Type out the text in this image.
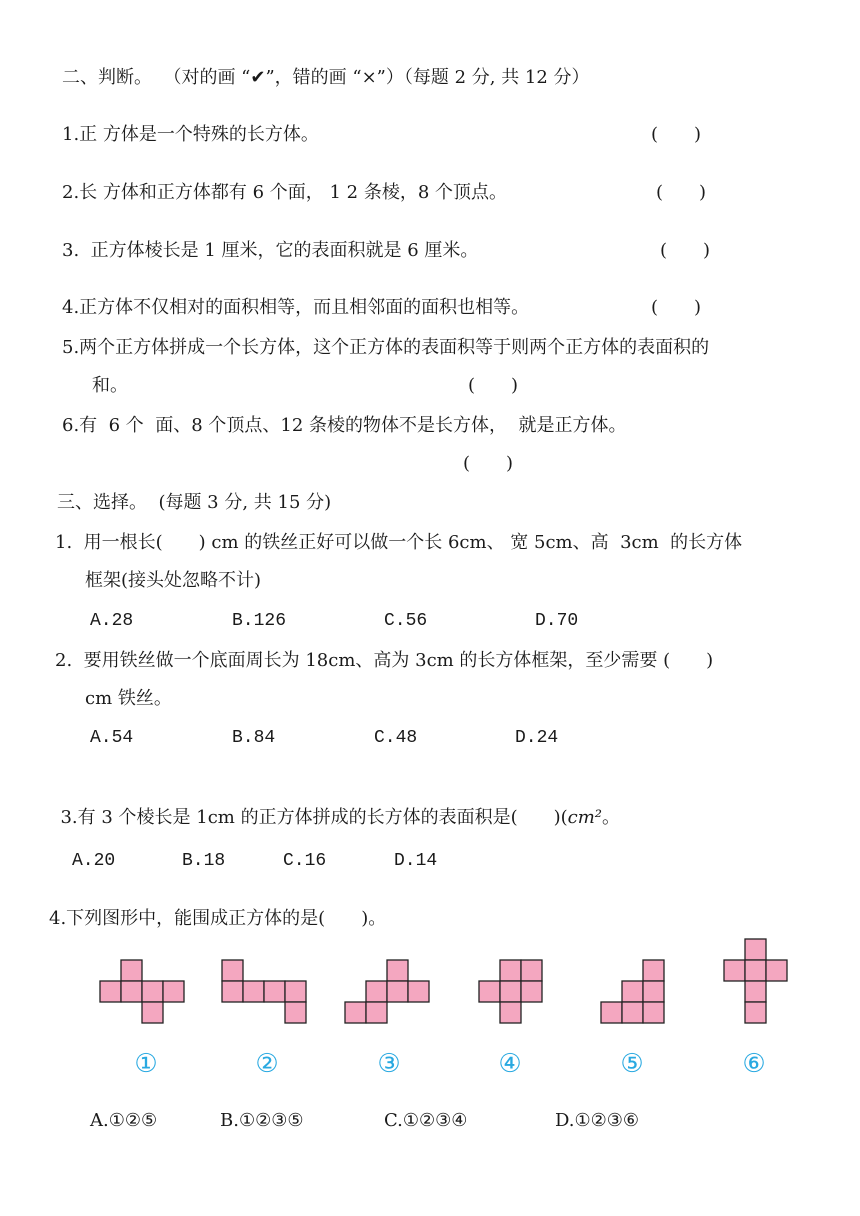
二、判断。  （对的画 “✔”，错的画 “×”）（每题 2 分, 共 12 分）
1.正 方体是一个特殊的长方体。	(　　)
2.长 方体和正方体都有 6 个面， 1 2 条棱，8 个顶点。	(　　)
3.  正方体棱长是 1 厘米，它的表面积就是 6 厘米。	(　　)
4.正方体不仅相对的面积相等，而且相邻面的面积也相等。	(　　)
5.两个正方体拼成一个长方体，这个正方体的表面积等于则两个正方体的表面积的
和。	(　　)
6.有  6 个  面、8 个顶点、12 条棱的物体不是长方体，  就是正方体。
(　　)
三、选择。  (每题 3 分, 共 15 分)
1.  用一根长(　　) cm 的铁丝正好可以做一个长 6cm、 宽 5cm、高  3cm  的长方体
框架(接头处忽略不计)
A.28	B.126	C.56	D.70
2.  要用铁丝做一个底面周长为 18cm、高为 3cm 的长方体框架，至少需要 (　　)
cm 铁丝。
A.54	B.84	C.48	D.24

3.有 3 个棱长是 1cm 的正方体拼成的长方体的表面积是(　　)(cm²。

A.20	B.18	C.16	D.14
4.下列图形中，能围成正方体的是(　　)。
①	②	③	④	⑤	⑥
A.①②⑤	B.①②③⑤	C.①②③④	D.①②③⑥
